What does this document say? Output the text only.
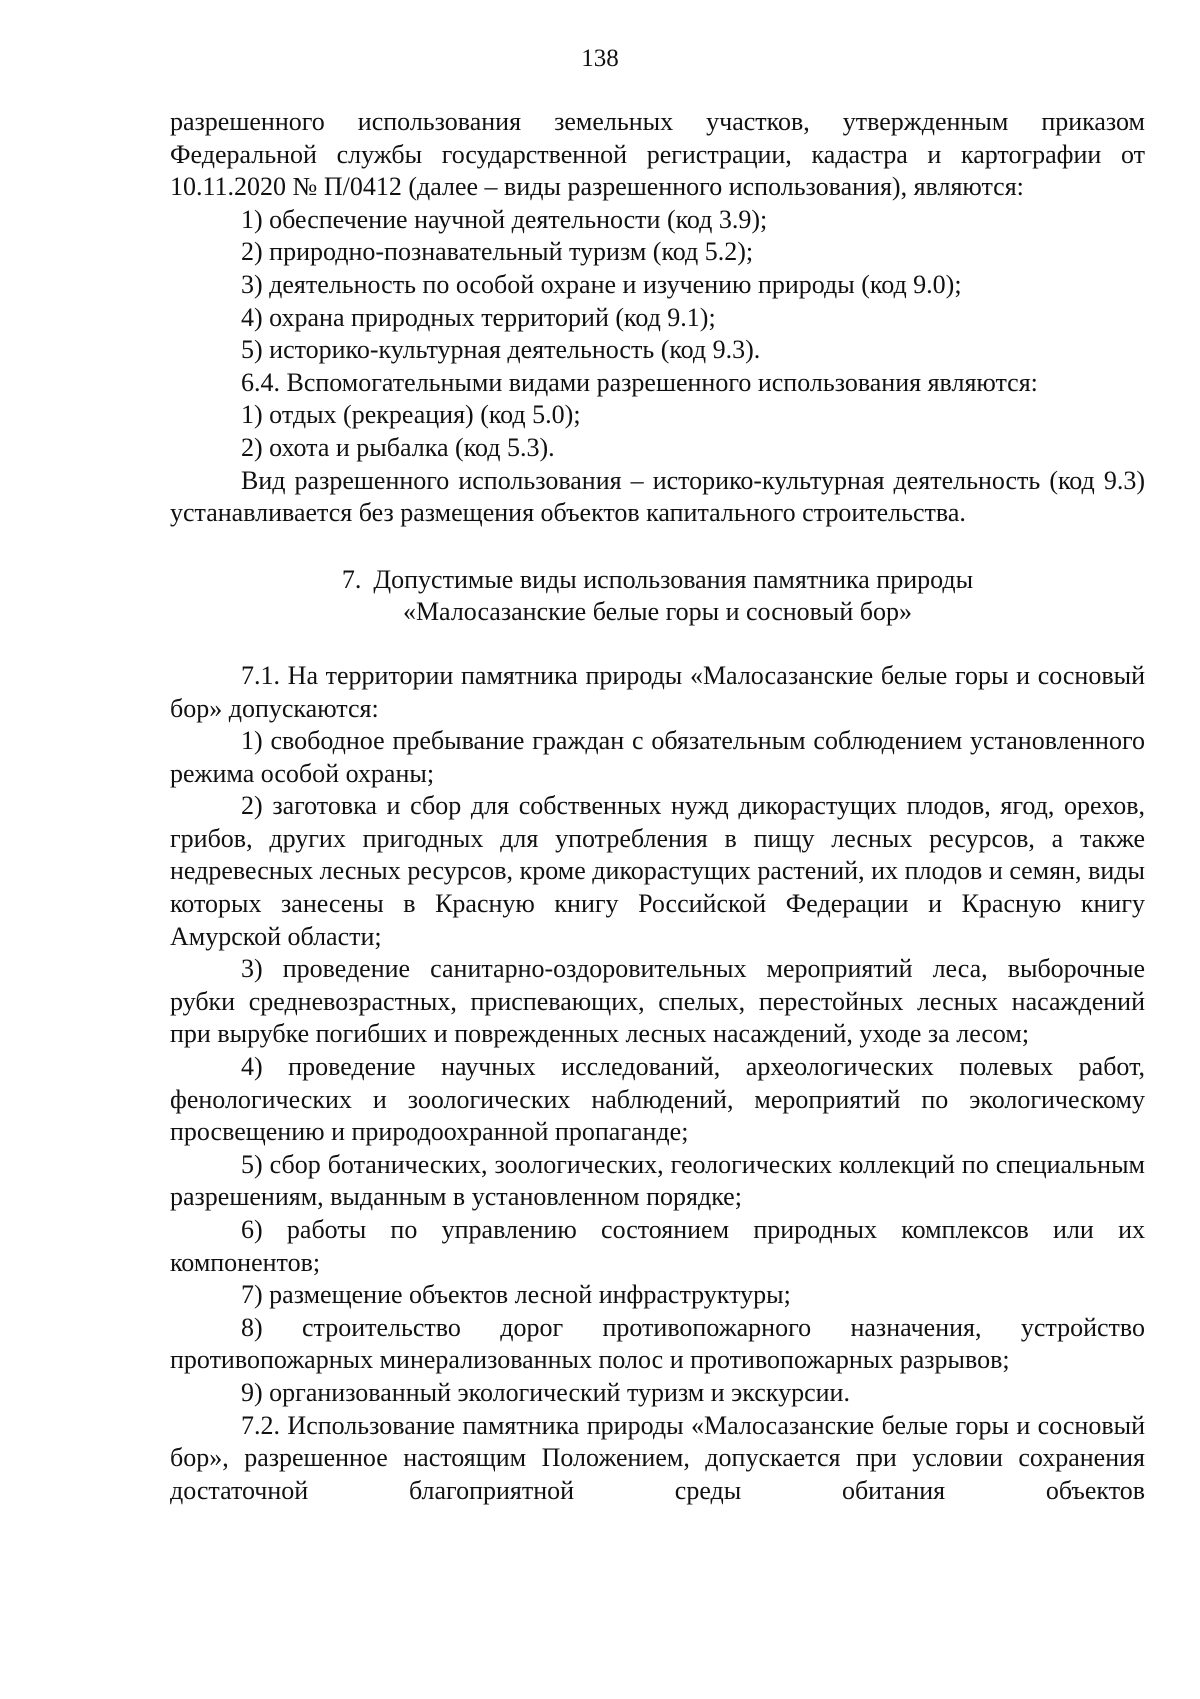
138

разрешенного использования земельных участков, утвержденным приказом Федеральной службы государственной регистрации, кадастра и картографии от 10.11.2020 № П/0412 (далее – виды разрешенного использования), являются:

1) обеспечение научной деятельности (код 3.9);

2) природно-познавательный туризм (код 5.2);

3) деятельность по особой охране и изучению природы (код 9.0);

4) охрана природных территорий (код 9.1);

5) историко-культурная деятельность (код 9.3).

6.4. Вспомогательными видами разрешенного использования являются:

1) отдых (рекреация) (код 5.0);

2) охота и рыбалка (код 5.3).

Вид разрешенного использования – историко-культурная деятельность (код 9.3) устанавливается без размещения объектов капитального строительства.

7. Допустимые виды использования памятника природы
«Малосазанские белые горы и сосновый бор»

7.1. На территории памятника природы «Малосазанские белые горы и сосновый бор» допускаются:

1) свободное пребывание граждан с обязательным соблюдением установленного режима особой охраны;

2) заготовка и сбор для собственных нужд дикорастущих плодов, ягод, орехов, грибов, других пригодных для употребления в пищу лесных ресурсов, а также недревесных лесных ресурсов, кроме дикорастущих растений, их плодов и семян, виды которых занесены в Красную книгу Российской Федерации и Красную книгу Амурской области;

3) проведение санитарно-оздоровительных мероприятий леса, выборочные рубки средневозрастных, приспевающих, спелых, перестойных лесных насаждений при вырубке погибших и поврежденных лесных насаждений, уходе за лесом;

4) проведение научных исследований, археологических полевых работ, фенологических и зоологических наблюдений, мероприятий по экологическому просвещению и природоохранной пропаганде;

5) сбор ботанических, зоологических, геологических коллекций по специальным разрешениям, выданным в установленном порядке;

6) работы по управлению состоянием природных комплексов или их компонентов;

7) размещение объектов лесной инфраструктуры;

8) строительство дорог противопожарного назначения, устройство противопожарных минерализованных полос и противопожарных разрывов;

9) организованный экологический туризм и экскурсии.

7.2. Использование памятника природы «Малосазанские белые горы и сосновый бор», разрешенное настоящим Положением, допускается при условии сохранения достаточной благоприятной среды обитания объектов
